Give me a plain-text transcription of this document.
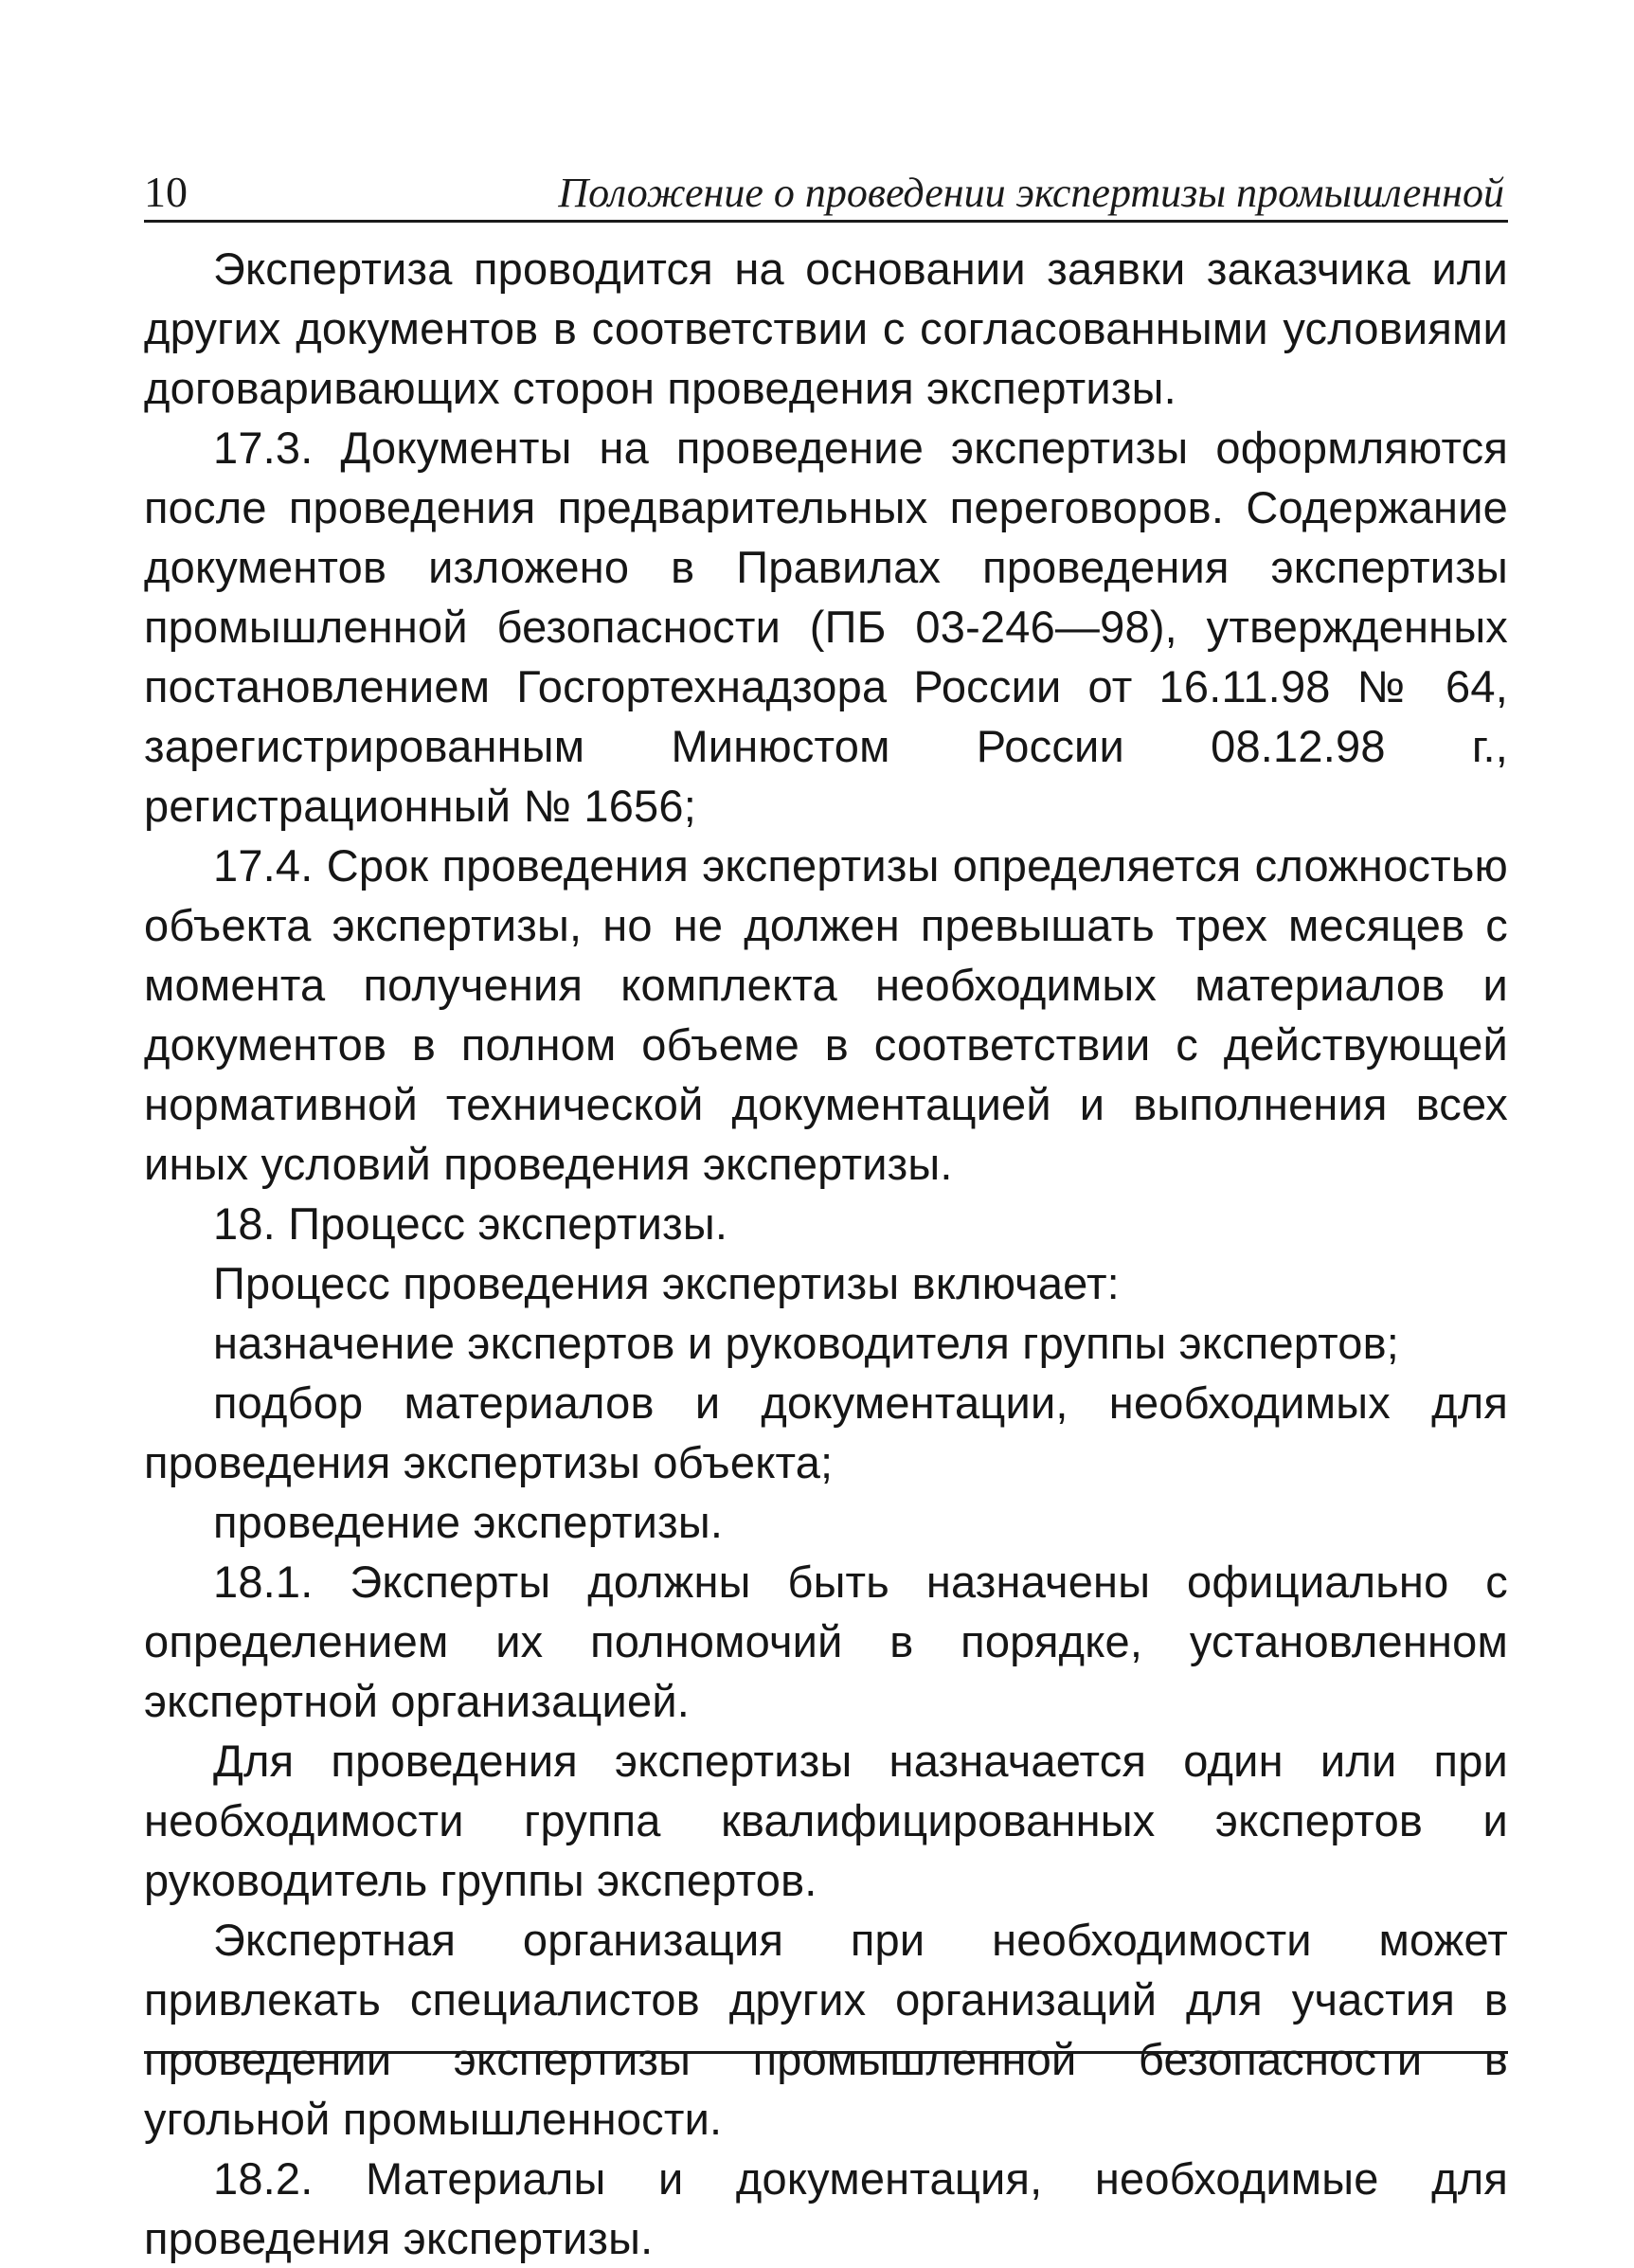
10	Положение о проведении экспертизы промышленной

Экспертиза проводится на основании заявки заказчика или других документов в соответствии с согласованными условиями договаривающих сторон проведения экспертизы.

17.3. Документы на проведение экспертизы оформляются после проведения предварительных переговоров. Содержание документов изложено в Правилах проведения экспертизы промышленной безопасности (ПБ 03-246—98), утвержденных постановлением Госгортехнадзора России от 16.11.98 № 64, зарегистрированным Минюстом России 08.12.98 г., регистрационный № 1656;

17.4. Срок проведения экспертизы определяется сложностью объекта экспертизы, но не должен превышать трех месяцев с момента получения комплекта необходимых материалов и документов в полном объеме в соответствии с действующей нормативной технической документацией и выполнения всех иных условий проведения экспертизы.

18. Процесс экспертизы.

Процесс проведения экспертизы включает:

назначение экспертов и руководителя группы экспертов;

подбор материалов и документации, необходимых для проведения экспертизы объекта;

проведение экспертизы.

18.1. Эксперты должны быть назначены официально с определением их полномочий в порядке, установленном экспертной организацией.

Для проведения экспертизы назначается один или при необходимости группа квалифицированных экспертов и руководитель группы экспертов.

Экспертная организация при необходимости может привлекать специалистов других организаций для участия в проведении экспертизы промышленной безопасности в угольной промышленности.

18.2. Материалы и документация, необходимые для проведения экспертизы.
